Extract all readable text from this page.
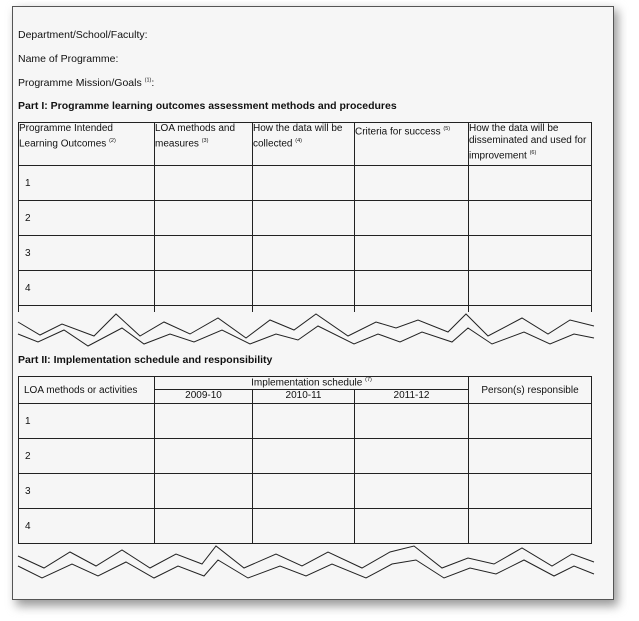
Department/School/Faculty:
Name of Programme:
Programme Mission/Goals $^{(1)}$:
Part I: Programme learning outcomes assessment methods and procedures
Programme Intended Learning Outcomes $^{(2)}$	LOA methods and measures $^{(3)}$	How the data will be collected $^{(4)}$	Criteria for success $^{(5)}$	How the data will be disseminated and used for improvement $^{(6)}$
1				
2				
3				
4				

Part II: Implementation schedule and responsibility
LOA methods or activities	Implementation schedule $^{(7)}$			Person(s) responsible
	2009-10	2010-11	2011-12	
1				
2				
3				
4				
